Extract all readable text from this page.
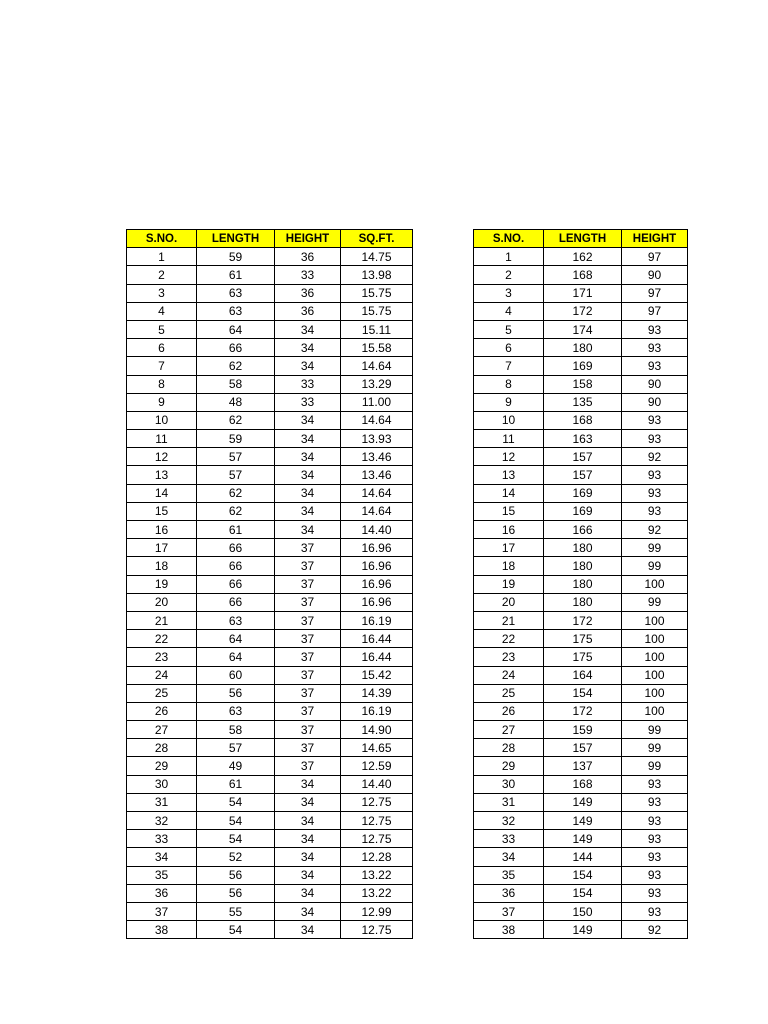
S.NO.	LENGTH	HEIGHT	SQ.FT.
1	59	36	14.75
2	61	33	13.98
3	63	36	15.75
4	63	36	15.75
5	64	34	15.11
6	66	34	15.58
7	62	34	14.64
8	58	33	13.29
9	48	33	11.00
10	62	34	14.64
11	59	34	13.93
12	57	34	13.46
13	57	34	13.46
14	62	34	14.64
15	62	34	14.64
16	61	34	14.40
17	66	37	16.96
18	66	37	16.96
19	66	37	16.96
20	66	37	16.96
21	63	37	16.19
22	64	37	16.44
23	64	37	16.44
24	60	37	15.42
25	56	37	14.39
26	63	37	16.19
27	58	37	14.90
28	57	37	14.65
29	49	37	12.59
30	61	34	14.40
31	54	34	12.75
32	54	34	12.75
33	54	34	12.75
34	52	34	12.28
35	56	34	13.22
36	56	34	13.22
37	55	34	12.99
38	54	34	12.75
S.NO.	LENGTH	HEIGHT
1	162	97
2	168	90
3	171	97
4	172	97
5	174	93
6	180	93
7	169	93
8	158	90
9	135	90
10	168	93
11	163	93
12	157	92
13	157	93
14	169	93
15	169	93
16	166	92
17	180	99
18	180	99
19	180	100
20	180	99
21	172	100
22	175	100
23	175	100
24	164	100
25	154	100
26	172	100
27	159	99
28	157	99
29	137	99
30	168	93
31	149	93
32	149	93
33	149	93
34	144	93
35	154	93
36	154	93
37	150	93
38	149	92
